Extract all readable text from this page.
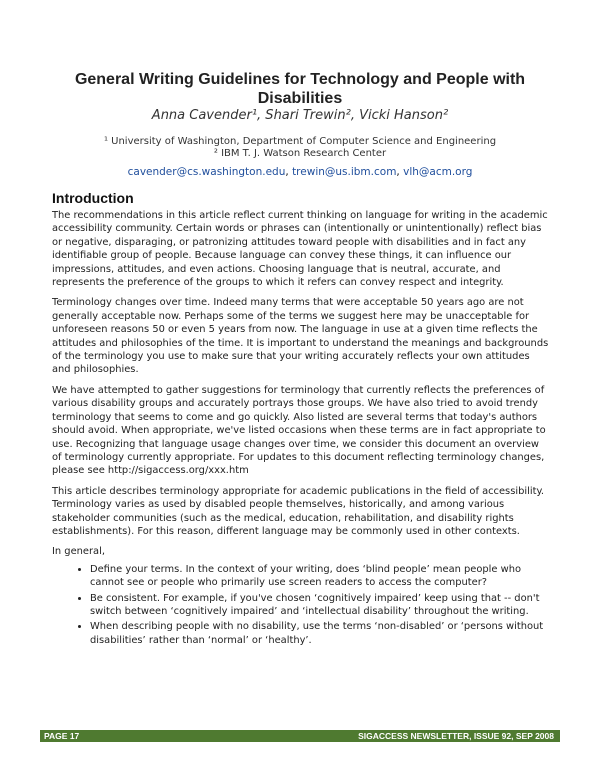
General Writing Guidelines for Technology and People with Disabilities
Anna Cavender¹, Shari Trewin², Vicki Hanson²
¹ University of Washington, Department of Computer Science and Engineering
² IBM T. J. Watson Research Center
cavender@cs.washington.edu, trewin@us.ibm.com, vlh@acm.org
Introduction

The recommendations in this article reflect current thinking on language for writing in the academic accessibility community. Certain words or phrases can (intentionally or unintentionally) reflect bias or negative, disparaging, or patronizing attitudes toward people with disabilities and in fact any identifiable group of people. Because language can convey these things, it can influence our impressions, attitudes, and even actions. Choosing language that is neutral, accurate, and represents the preference of the groups to which it refers can convey respect and integrity.

Terminology changes over time. Indeed many terms that were acceptable 50 years ago are not generally acceptable now. Perhaps some of the terms we suggest here may be unacceptable for unforeseen reasons 50 or even 5 years from now. The language in use at a given time reflects the attitudes and philosophies of the time. It is important to understand the meanings and backgrounds of the terminology you use to make sure that your writing accurately reflects your own attitudes and philosophies.

We have attempted to gather suggestions for terminology that currently reflects the preferences of various disability groups and accurately portrays those groups. We have also tried to avoid trendy terminology that seems to come and go quickly. Also listed are several terms that today's authors should avoid. When appropriate, we've listed occasions when these terms are in fact appropriate to use. Recognizing that language usage changes over time, we consider this document an overview of terminology currently appropriate. For updates to this document reflecting terminology changes, please see http://sigaccess.org/xxx.htm

This article describes terminology appropriate for academic publications in the field of accessibility. Terminology varies as used by disabled people themselves, historically, and among various stakeholder communities (such as the medical, education, rehabilitation, and disability rights establishments). For this reason, different language may be commonly used in other contexts.

In general,

• Define your terms. In the context of your writing, does ‘blind people’ mean people who cannot see or people who primarily use screen readers to access the computer?
• Be consistent. For example, if you've chosen ‘cognitively impaired’ keep using that -- don't switch between ‘cognitively impaired’ and ‘intellectual disability’ throughout the writing.
• When describing people with no disability, use the terms ‘non-disabled’ or ‘persons without disabilities’ rather than ‘normal’ or ‘healthy’.
PAGE 17	SIGACCESS NEWSLETTER, ISSUE 92, SEP 2008
